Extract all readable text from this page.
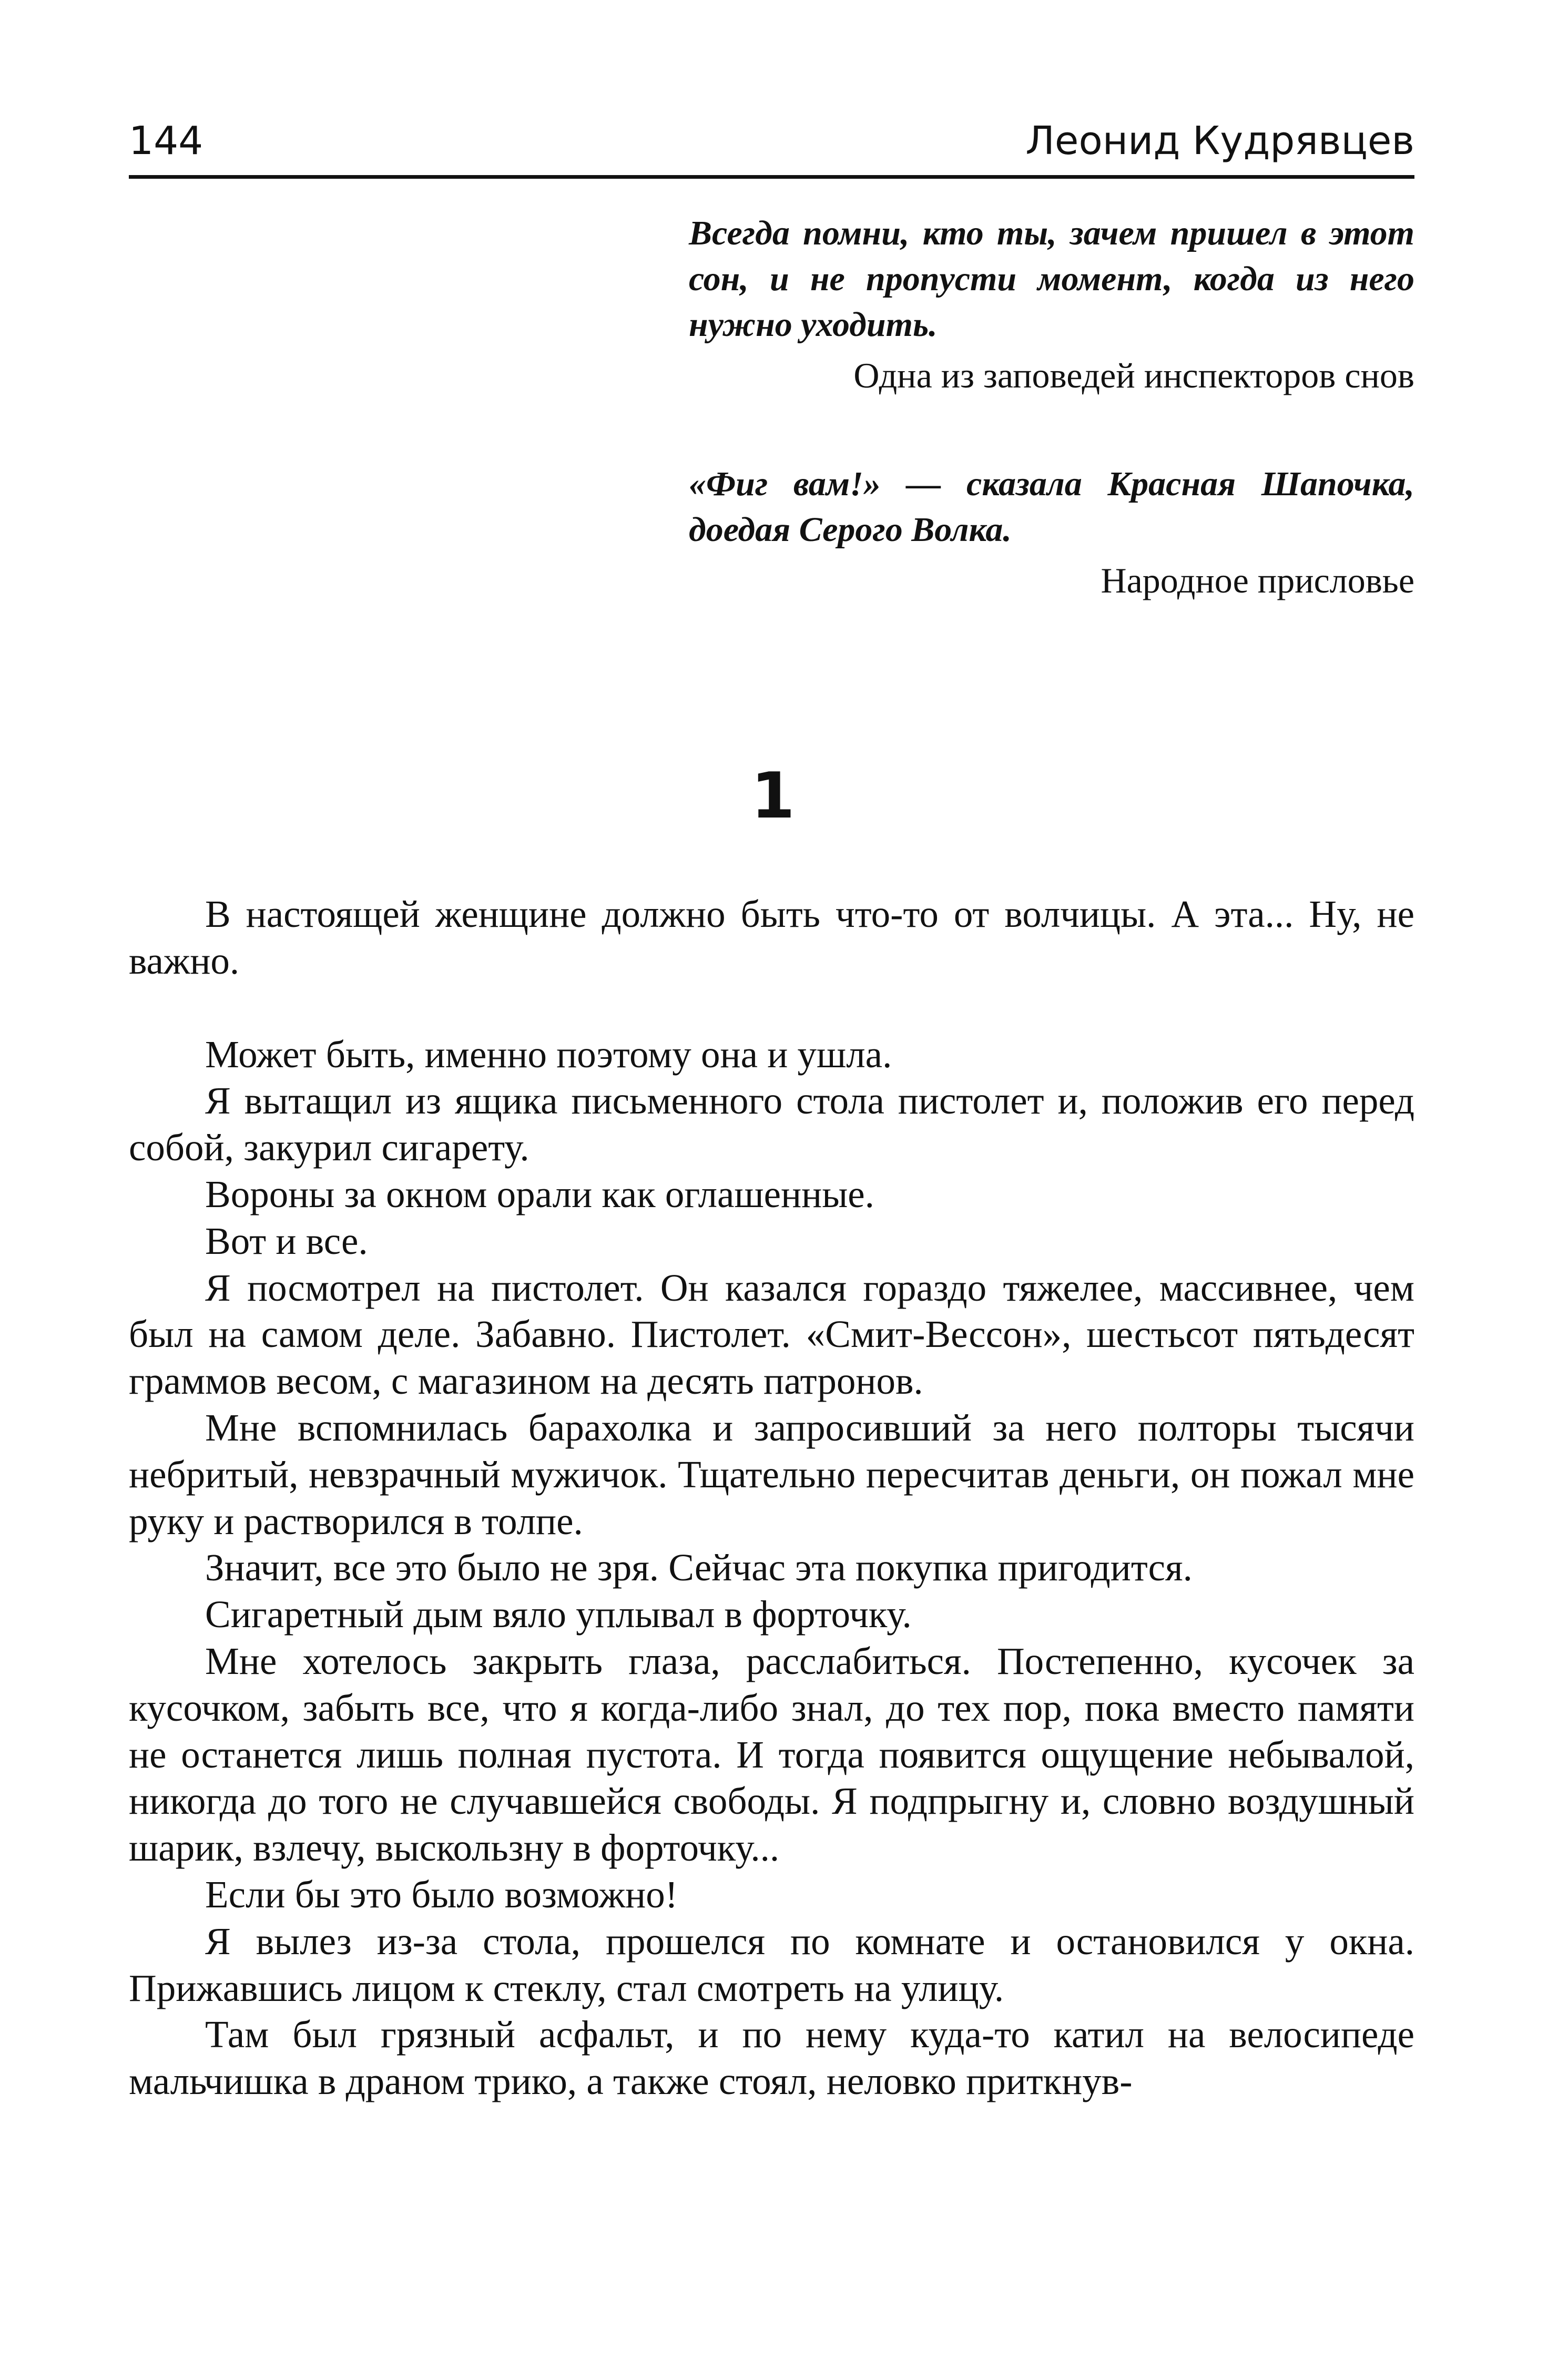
144	Леонид Кудрявцев

Всегда помни, кто ты, зачем пришел в этот сон, и не пропусти момент, когда из него нужно уходить.

Одна из заповедей инспекторов снов

«Фиг вам!» — сказала Красная Шапочка, доедая Серого Волка.

Народное присловье

1

В настоящей женщине должно быть что-то от волчицы. А эта... Ну, не важно.

Может быть, именно поэтому она и ушла.

Я вытащил из ящика письменного стола пистолет и, положив его перед собой, закурил сигарету.

Вороны за окном орали как оглашенные.

Вот и все.

Я посмотрел на пистолет. Он казался гораздо тяжелее, массивнее, чем был на самом деле. Забавно. Пистолет. «Смит-Вессон», шестьсот пятьдесят граммов весом, с магазином на десять патронов.

Мне вспомнилась барахолка и запросивший за него полторы тысячи небритый, невзрачный мужичок. Тщательно пересчитав деньги, он пожал мне руку и растворился в толпе.

Значит, все это было не зря. Сейчас эта покупка пригодится.

Сигаретный дым вяло уплывал в форточку.

Мне хотелось закрыть глаза, расслабиться. Постепенно, кусочек за кусочком, забыть все, что я когда-либо знал, до тех пор, пока вместо памяти не останется лишь полная пустота. И тогда появится ощущение небывалой, никогда до того не случавшейся свободы. Я подпрыгну и, словно воздушный шарик, взлечу, выскользну в форточку...

Если бы это было возможно!

Я вылез из-за стола, прошелся по комнате и остановился у окна. Прижавшись лицом к стеклу, стал смотреть на улицу.

Там был грязный асфальт, и по нему куда-то катил на велосипеде мальчишка в драном трико, а также стоял, неловко приткнув-
